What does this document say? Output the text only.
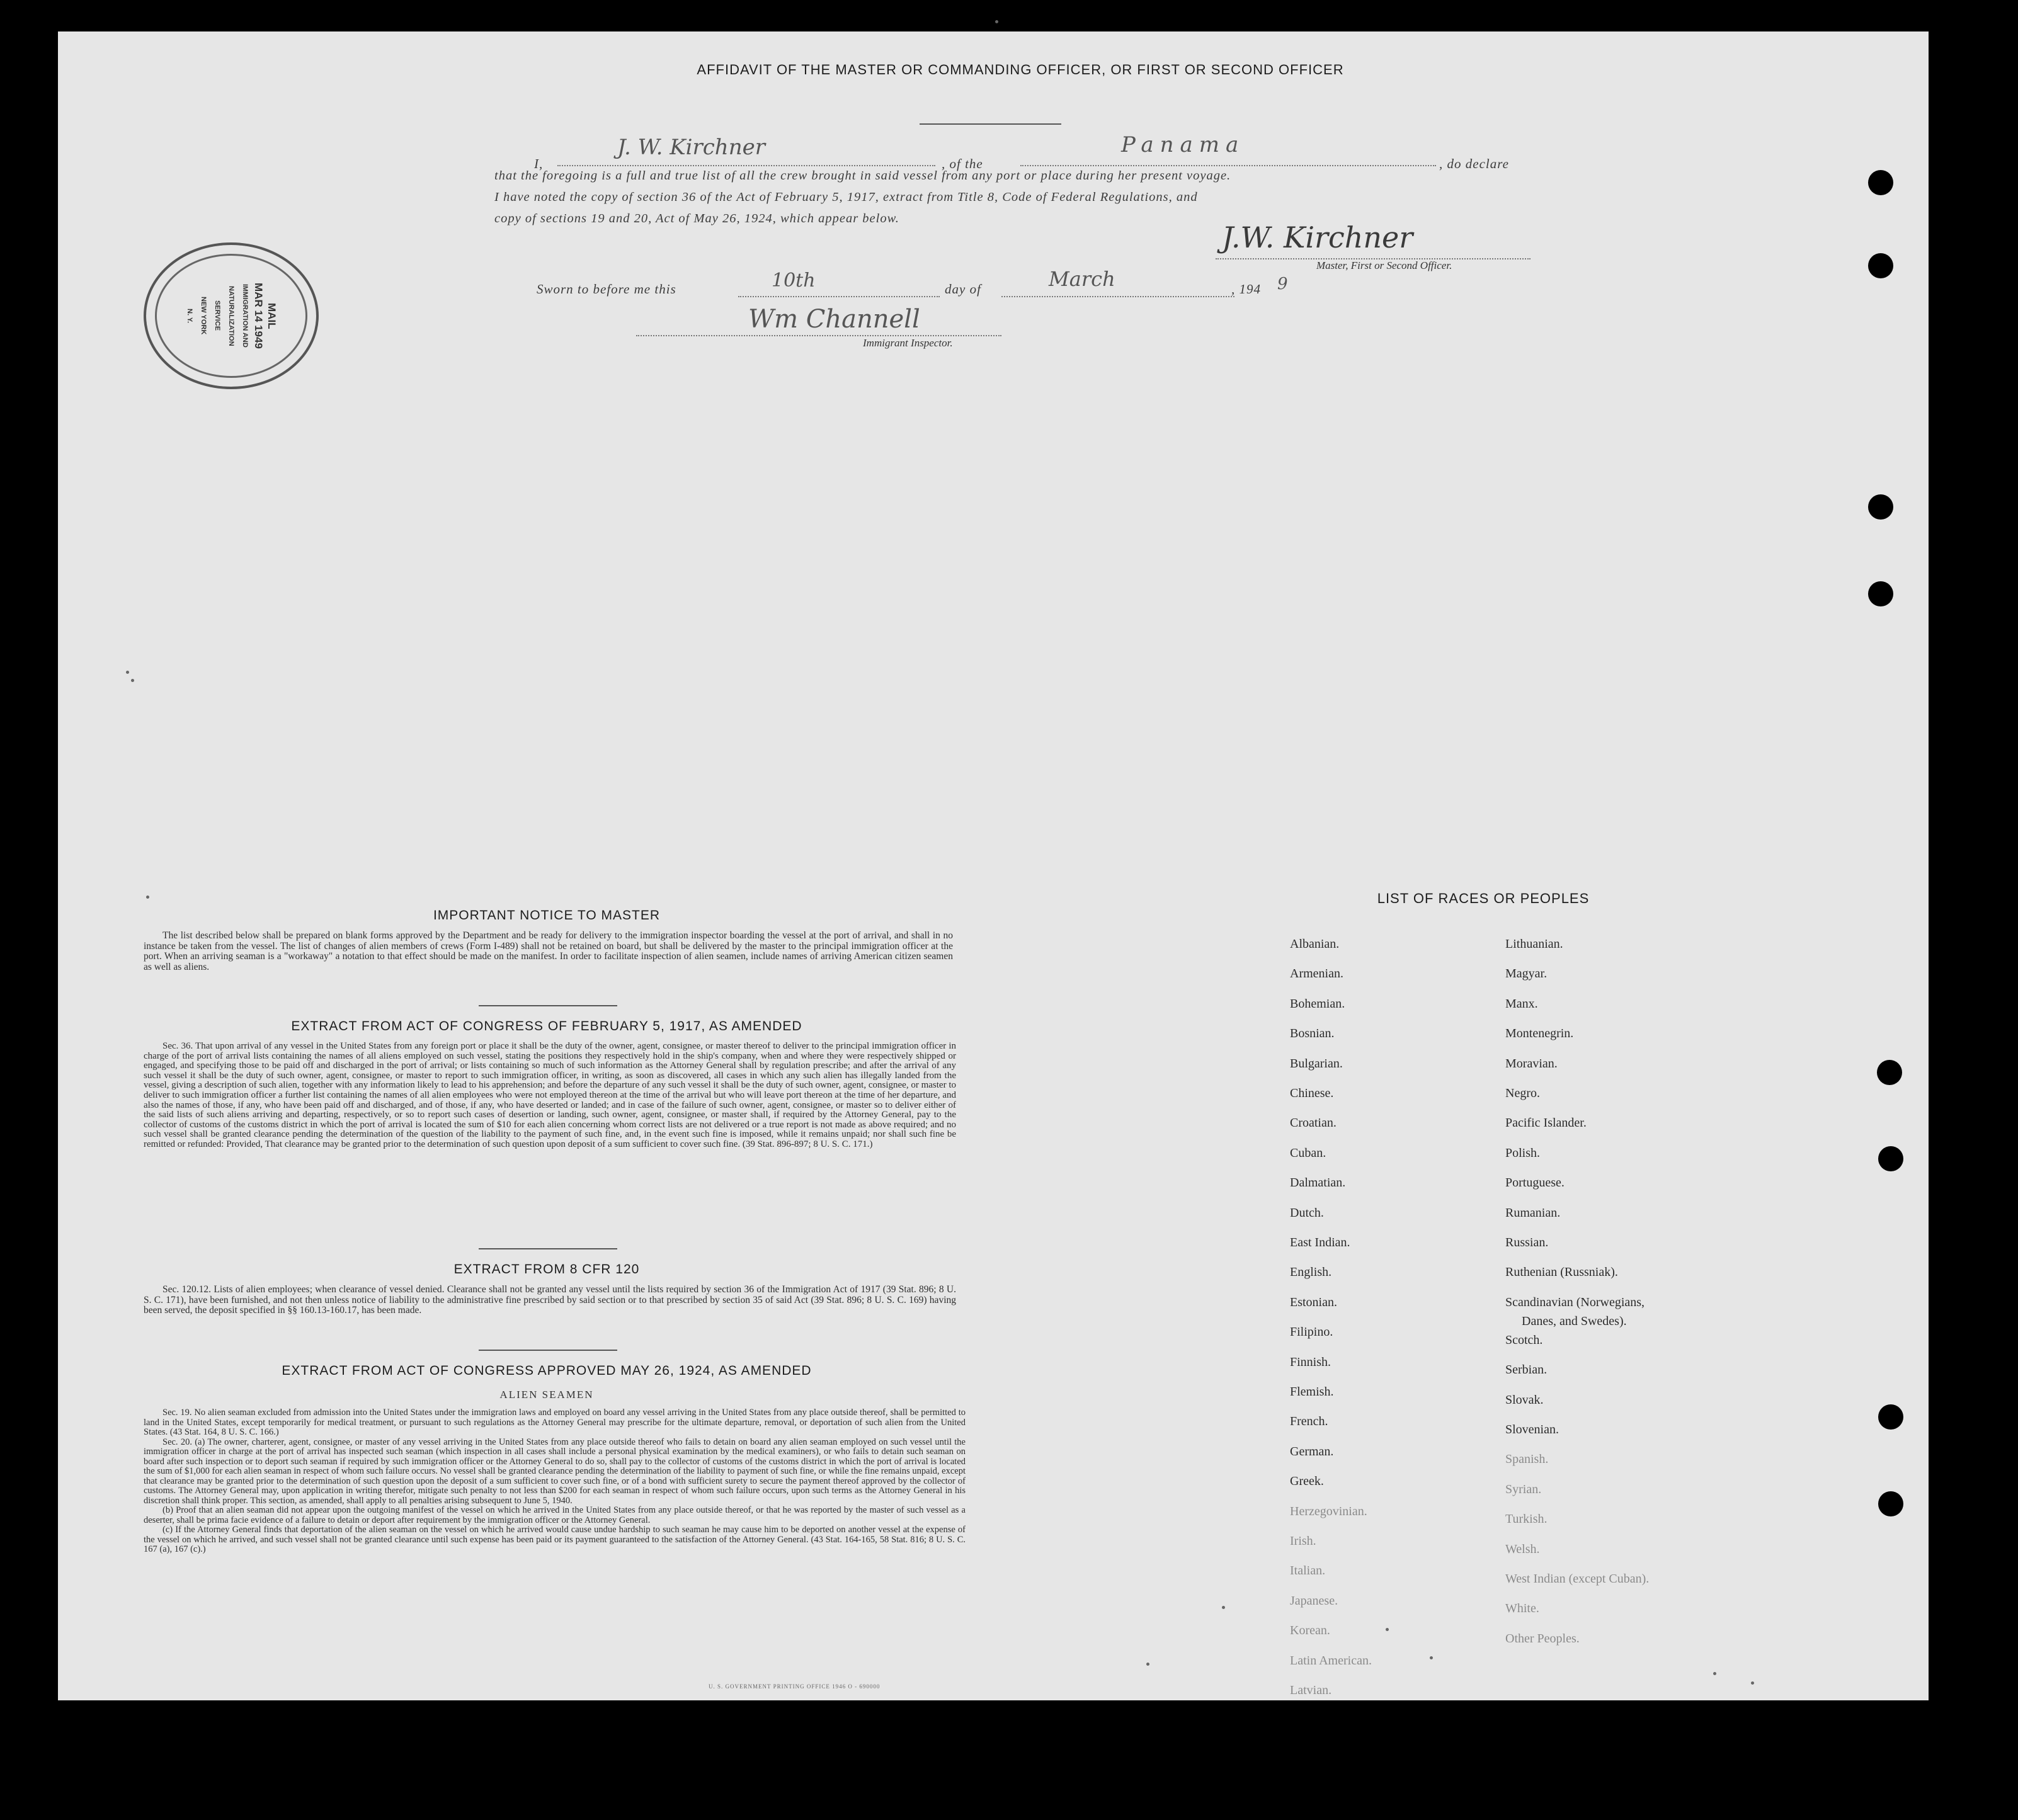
AFFIDAVIT OF THE MASTER OR COMMANDING OFFICER, OR FIRST OR SECOND OFFICER
I,
J. W. Kirchner
, of the
Panama
, do declare
that the foregoing is a full and true list of all the crew brought in said vessel from any port or place during her present voyage.
I have noted the copy of section 36 of the Act of February 5, 1917, extract from Title 8, Code of Federal Regulations, and
copy of sections 19 and 20, Act of May 26, 1924, which appear below.
J.W. Kirchner
Master, First or Second Officer.
Sworn to before me this	10th	day of	March	, 194 9
Wm Channell
Immigrant Inspector.
MAIL
MAR 14 1949
IMMIGRATION AND
NATURALIZATION
SERVICE
NEW YORK
N. Y.
IMPORTANT NOTICE TO MASTER

The list described below shall be prepared on blank forms approved by the Department and be ready for delivery to the immigration inspector boarding the vessel at the port of arrival, and shall in no instance be taken from the vessel. The list of changes of alien members of crews (Form I-489) shall not be retained on board, but shall be delivered by the master to the principal immigration officer at the port. When an arriving seaman is a "workaway" a notation to that effect should be made on the manifest. In order to facilitate inspection of alien seamen, include names of arriving American citizen seamen as well as aliens.

EXTRACT FROM ACT OF CONGRESS OF FEBRUARY 5, 1917, AS AMENDED

Sec. 36. That upon arrival of any vessel in the United States from any foreign port or place it shall be the duty of the owner, agent, consignee, or master thereof to deliver to the principal immigration officer in charge of the port of arrival lists containing the names of all aliens employed on such vessel, stating the positions they respectively hold in the ship's company, when and where they were respectively shipped or engaged, and specifying those to be paid off and discharged in the port of arrival; or lists containing so much of such information as the Attorney General shall by regulation prescribe; and after the arrival of any such vessel it shall be the duty of such owner, agent, consignee, or master to report to such immigration officer, in writing, as soon as discovered, all cases in which any such alien has illegally landed from the vessel, giving a description of such alien, together with any information likely to lead to his apprehension; and before the departure of any such vessel it shall be the duty of such owner, agent, consignee, or master to deliver to such immigration officer a further list containing the names of all alien employees who were not employed thereon at the time of the arrival but who will leave port thereon at the time of her departure, and also the names of those, if any, who have been paid off and discharged, and of those, if any, who have deserted or landed; and in case of the failure of such owner, agent, consignee, or master so to deliver either of the said lists of such aliens arriving and departing, respectively, or so to report such cases of desertion or landing, such owner, agent, consignee, or master shall, if required by the Attorney General, pay to the collector of customs of the customs district in which the port of arrival is located the sum of $10 for each alien concerning whom correct lists are not delivered or a true report is not made as above required; and no such vessel shall be granted clearance pending the determination of the question of the liability to the payment of such fine, and, in the event such fine is imposed, while it remains unpaid; nor shall such fine be remitted or refunded: Provided, That clearance may be granted prior to the determination of such question upon deposit of a sum sufficient to cover such fine. (39 Stat. 896-897; 8 U. S. C. 171.)

EXTRACT FROM 8 CFR 120

Sec. 120.12. Lists of alien employees; when clearance of vessel denied. Clearance shall not be granted any vessel until the lists required by section 36 of the Immigration Act of 1917 (39 Stat. 896; 8 U. S. C. 171), have been furnished, and not then unless notice of liability to the administrative fine prescribed by said section or to that prescribed by section 35 of said Act (39 Stat. 896; 8 U. S. C. 169) having been served, the deposit specified in §§ 160.13-160.17, has been made.

EXTRACT FROM ACT OF CONGRESS APPROVED MAY 26, 1924, AS AMENDED
ALIEN SEAMEN

Sec. 19. No alien seaman excluded from admission into the United States under the immigration laws and employed on board any vessel arriving in the United States from any place outside thereof, shall be permitted to land in the United States, except temporarily for medical treatment, or pursuant to such regulations as the Attorney General may prescribe for the ultimate departure, removal, or deportation of such alien from the United States. (43 Stat. 164, 8 U. S. C. 166.)

Sec. 20. (a) The owner, charterer, agent, consignee, or master of any vessel arriving in the United States from any place outside thereof who fails to detain on board any alien seaman employed on such vessel until the immigration officer in charge at the port of arrival has inspected such seaman (which inspection in all cases shall include a personal physical examination by the medical examiners), or who fails to detain such seaman on board after such inspection or to deport such seaman if required by such immigration officer or the Attorney General to do so, shall pay to the collector of customs of the customs district in which the port of arrival is located the sum of $1,000 for each alien seaman in respect of whom such failure occurs. No vessel shall be granted clearance pending the determination of the liability to payment of such fine, or while the fine remains unpaid, except that clearance may be granted prior to the determination of such question upon the deposit of a sum sufficient to cover such fine, or of a bond with sufficient surety to secure the payment thereof approved by the collector of customs. The Attorney General may, upon application in writing therefor, mitigate such penalty to not less than $200 for each seaman in respect of whom such failure occurs, upon such terms as the Attorney General in his discretion shall think proper. This section, as amended, shall apply to all penalties arising subsequent to June 5, 1940.

(b) Proof that an alien seaman did not appear upon the outgoing manifest of the vessel on which he arrived in the United States from any place outside thereof, or that he was reported by the master of such vessel as a deserter, shall be prima facie evidence of a failure to detain or deport after requirement by the immigration officer or the Attorney General.

(c) If the Attorney General finds that deportation of the alien seaman on the vessel on which he arrived would cause undue hardship to such seaman he may cause him to be deported on another vessel at the expense of the vessel on which he arrived, and such vessel shall not be granted clearance until such expense has been paid or its payment guaranteed to the satisfaction of the Attorney General. (43 Stat. 164-165, 58 Stat. 816; 8 U. S. C. 167 (a), 167 (c).)

U. S. GOVERNMENT PRINTING OFFICE 1946 O - 690000
LIST OF RACES OR PEOPLES
Albanian.
Armenian.
Bohemian.
Bosnian.
Bulgarian.
Chinese.
Croatian.
Cuban.
Dalmatian.
Dutch.
East Indian.
English.
Estonian.
Filipino.
Finnish.
Flemish.
French.
German.
Greek.
Herzegovinian.
Irish.
Italian.
Japanese.
Korean.
Latin American.
Latvian.
Lithuanian.
Magyar.
Manx.
Montenegrin.
Moravian.
Negro.
Pacific Islander.
Polish.
Portuguese.
Rumanian.
Russian.
Ruthenian (Russniak).
Scandinavian (Norwegians,
Danes, and Swedes).
Scotch.
Serbian.
Slovak.
Slovenian.
Spanish.
Syrian.
Turkish.
Welsh.
West Indian (except Cuban).
White.
Other Peoples.
